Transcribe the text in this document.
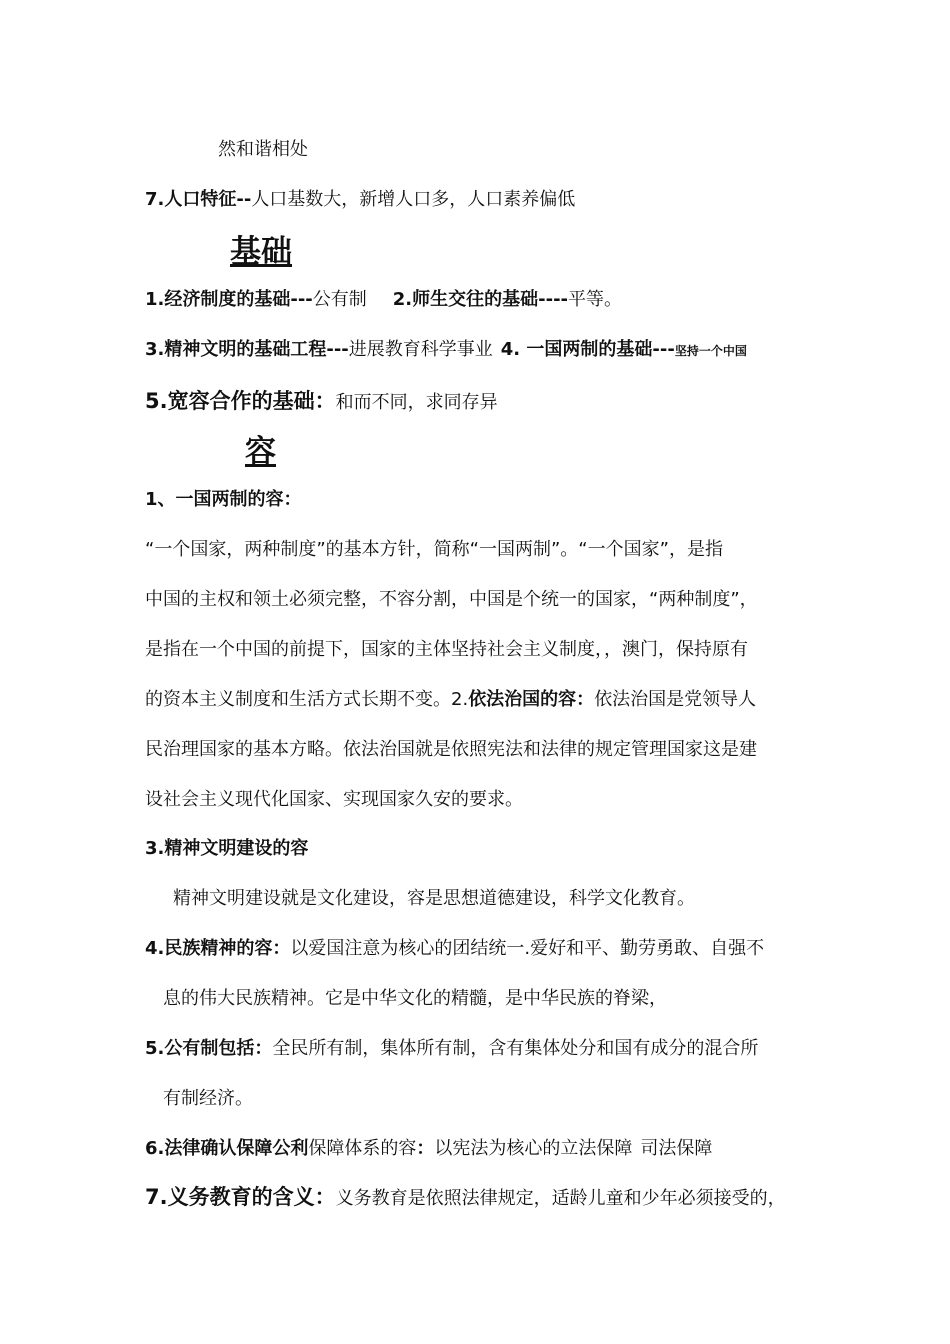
然和谐相处
7.人口特征--人口基数大，新增人口多，人口素养偏低
基础
1.经济制度的基础---公有制 2.师生交往的基础----平等。
3.精神文明的基础工程---进展教育科学事业 4. 一国两制的基础---坚持一个中国
5.宽容合作的基础：和而不同，求同存异
容
1、一国两制的容：
“一个国家，两种制度”的基本方针，简称“一国两制”。“一个国家”，是指
中国的主权和领土必须完整，不容分割，中国是个统一的国家，“两种制度”，
是指在一个中国的前提下，国家的主体坚持社会主义制度，，澳门，保持原有
的资本主义制度和生活方式长期不变。2.依法治国的容：依法治国是党领导人
民治理国家的基本方略。依法治国就是依照宪法和法律的规定管理国家这是建
设社会主义现代化国家、实现国家久安的要求。
3.精神文明建设的容
精神文明建设就是文化建设，容是思想道德建设，科学文化教育。
4.民族精神的容：以爱国注意为核心的团结统一.爱好和平、勤劳勇敢、自强不
息的伟大民族精神。它是中华文化的精髓，是中华民族的脊梁，
5.公有制包括：全民所有制，集体所有制，含有集体处分和国有成分的混合所
有制经济。
6.法律确认保障公利保障体系的容：以宪法为核心的立法保障 司法保障
7.义务教育的含义：义务教育是依照法律规定，适龄儿童和少年必须接受的，
